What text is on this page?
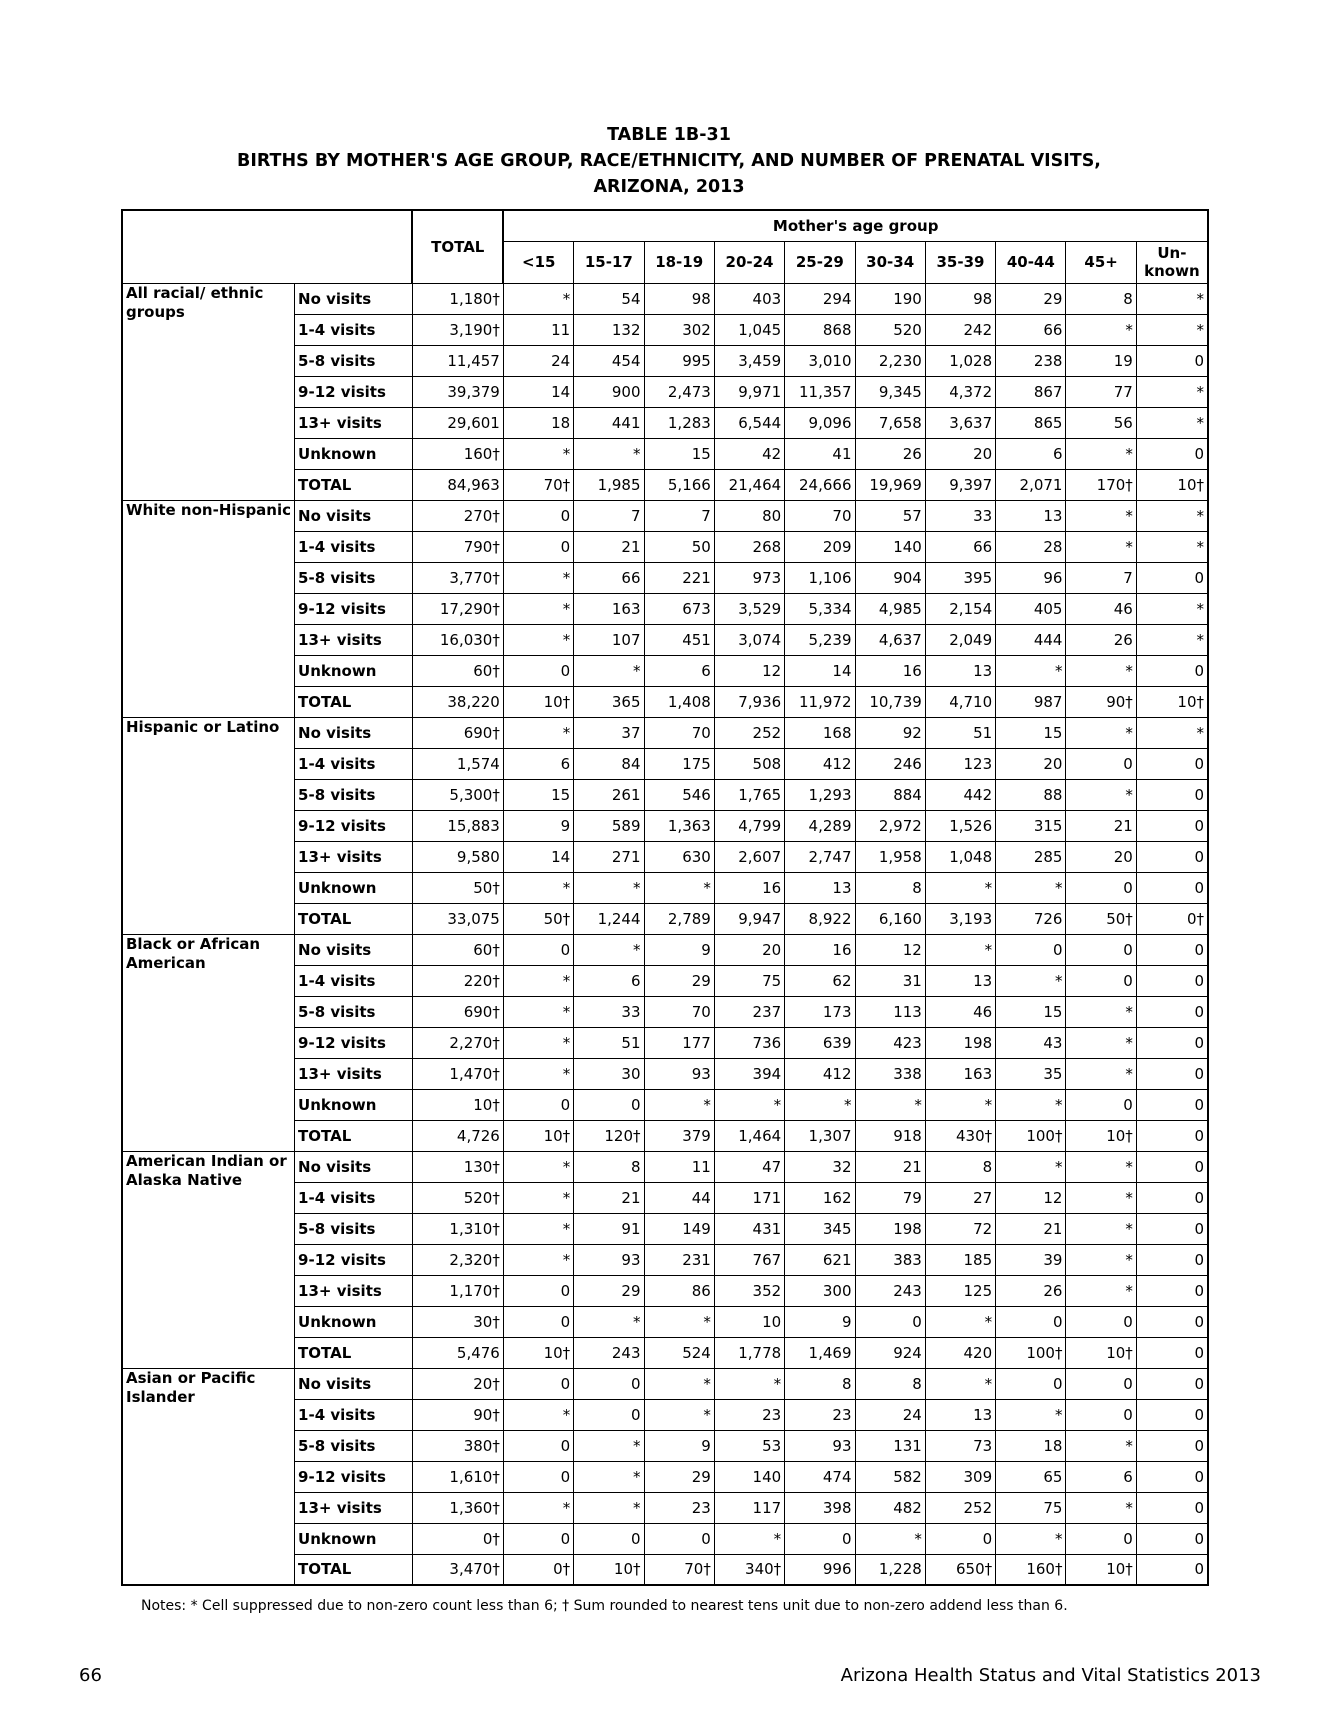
TABLE 1B-31
BIRTHS BY MOTHER'S AGE GROUP, RACE/ETHNICITY, AND NUMBER OF PRENATAL VISITS,
ARIZONA, 2013
		TOTAL	Mother's age group									
			<15	15-17	18-19	20-24	25-29	30-34	35-39	40-44	45+	Un-known
All racial/ ethnic groups	No visits	1,180†	*	54	98	403	294	190	98	29	8	*
	1-4 visits	3,190†	11	132	302	1,045	868	520	242	66	*	*
	5-8 visits	11,457	24	454	995	3,459	3,010	2,230	1,028	238	19	0
	9-12 visits	39,379	14	900	2,473	9,971	11,357	9,345	4,372	867	77	*
	13+ visits	29,601	18	441	1,283	6,544	9,096	7,658	3,637	865	56	*
	Unknown	160†	*	*	15	42	41	26	20	6	*	0
	TOTAL	84,963	70†	1,985	5,166	21,464	24,666	19,969	9,397	2,071	170†	10†
White non-Hispanic	No visits	270†	0	7	7	80	70	57	33	13	*	*
	1-4 visits	790†	0	21	50	268	209	140	66	28	*	*
	5-8 visits	3,770†	*	66	221	973	1,106	904	395	96	7	0
	9-12 visits	17,290†	*	163	673	3,529	5,334	4,985	2,154	405	46	*
	13+ visits	16,030†	*	107	451	3,074	5,239	4,637	2,049	444	26	*
	Unknown	60†	0	*	6	12	14	16	13	*	*	0
	TOTAL	38,220	10†	365	1,408	7,936	11,972	10,739	4,710	987	90†	10†
Hispanic or Latino	No visits	690†	*	37	70	252	168	92	51	15	*	*
	1-4 visits	1,574	6	84	175	508	412	246	123	20	0	0
	5-8 visits	5,300†	15	261	546	1,765	1,293	884	442	88	*	0
	9-12 visits	15,883	9	589	1,363	4,799	4,289	2,972	1,526	315	21	0
	13+ visits	9,580	14	271	630	2,607	2,747	1,958	1,048	285	20	0
	Unknown	50†	*	*	*	16	13	8	*	*	0	0
	TOTAL	33,075	50†	1,244	2,789	9,947	8,922	6,160	3,193	726	50†	0†
Black or African American	No visits	60†	0	*	9	20	16	12	*	0	0	0
	1-4 visits	220†	*	6	29	75	62	31	13	*	0	0
	5-8 visits	690†	*	33	70	237	173	113	46	15	*	0
	9-12 visits	2,270†	*	51	177	736	639	423	198	43	*	0
	13+ visits	1,470†	*	30	93	394	412	338	163	35	*	0
	Unknown	10†	0	0	*	*	*	*	*	*	0	0
	TOTAL	4,726	10†	120†	379	1,464	1,307	918	430†	100†	10†	0
American Indian or Alaska Native	No visits	130†	*	8	11	47	32	21	8	*	*	0
	1-4 visits	520†	*	21	44	171	162	79	27	12	*	0
	5-8 visits	1,310†	*	91	149	431	345	198	72	21	*	0
	9-12 visits	2,320†	*	93	231	767	621	383	185	39	*	0
	13+ visits	1,170†	0	29	86	352	300	243	125	26	*	0
	Unknown	30†	0	*	*	10	9	0	*	0	0	0
	TOTAL	5,476	10†	243	524	1,778	1,469	924	420	100†	10†	0
Asian or Pacific Islander	No visits	20†	0	0	*	*	8	8	*	0	0	0
	1-4 visits	90†	*	0	*	23	23	24	13	*	0	0
	5-8 visits	380†	0	*	9	53	93	131	73	18	*	0
	9-12 visits	1,610†	0	*	29	140	474	582	309	65	6	0
	13+ visits	1,360†	*	*	23	117	398	482	252	75	*	0
	Unknown	0†	0	0	0	*	0	*	0	*	0	0
	TOTAL	3,470†	0†	10†	70†	340†	996	1,228	650†	160†	10†	0
Notes: * Cell suppressed due to non-zero count less than 6; † Sum rounded to nearest tens unit due to non-zero addend less than 6.
66	Arizona Health Status and Vital Statistics 2013
